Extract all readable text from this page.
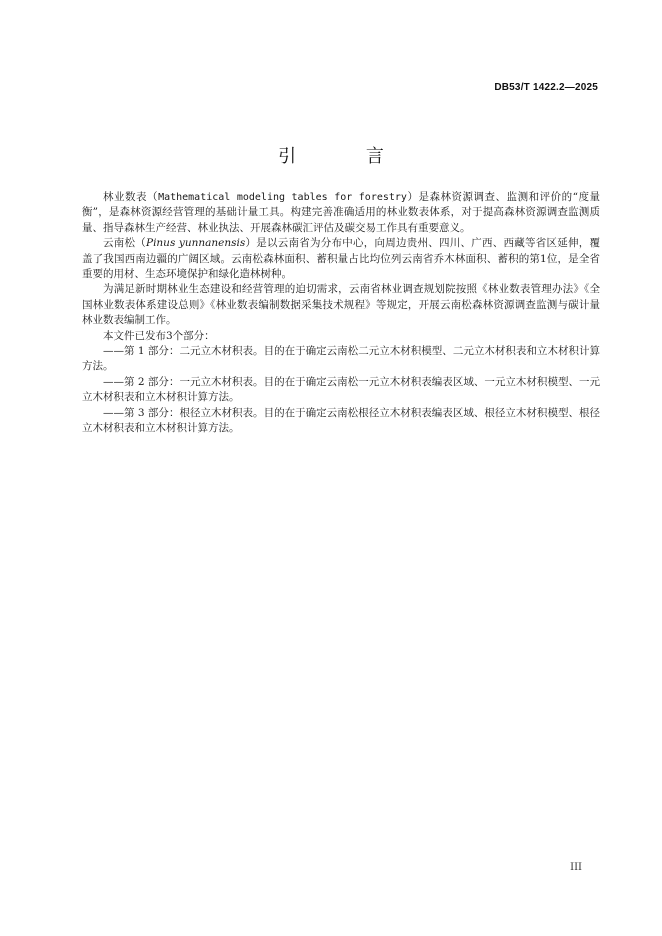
DB53/T 1422.2—2025
引 言

林业数表（Mathematical modeling tables for forestry）是森林资源调查、监测和评价的“度量衡”，是森林资源经营管理的基础计量工具。构建完善准确适用的林业数表体系，对于提高森林资源调查监测质量、指导森林生产经营、林业执法、开展森林碳汇评估及碳交易工作具有重要意义。

云南松（Pinus yunnanensis）是以云南省为分布中心，向周边贵州、四川、广西、西藏等省区延伸，覆盖了我国西南边疆的广阔区域。云南松森林面积、蓄积量占比均位列云南省乔木林面积、蓄积的第1位，是全省重要的用材、生态环境保护和绿化造林树种。

为满足新时期林业生态建设和经营管理的迫切需求，云南省林业调查规划院按照《林业数表管理办法》《全国林业数表体系建设总则》《林业数表编制数据采集技术规程》等规定，开展云南松森林资源调查监测与碳计量林业数表编制工作。

本文件已发布3个部分：

——第 1 部分：二元立木材积表。目的在于确定云南松二元立木材积模型、二元立木材积表和立木材积计算方法。

——第 2 部分：一元立木材积表。目的在于确定云南松一元立木材积表编表区域、一元立木材积模型、一元立木材积表和立木材积计算方法。

——第 3 部分：根径立木材积表。目的在于确定云南松根径立木材积表编表区域、根径立木材积模型、根径立木材积表和立木材积计算方法。

III
